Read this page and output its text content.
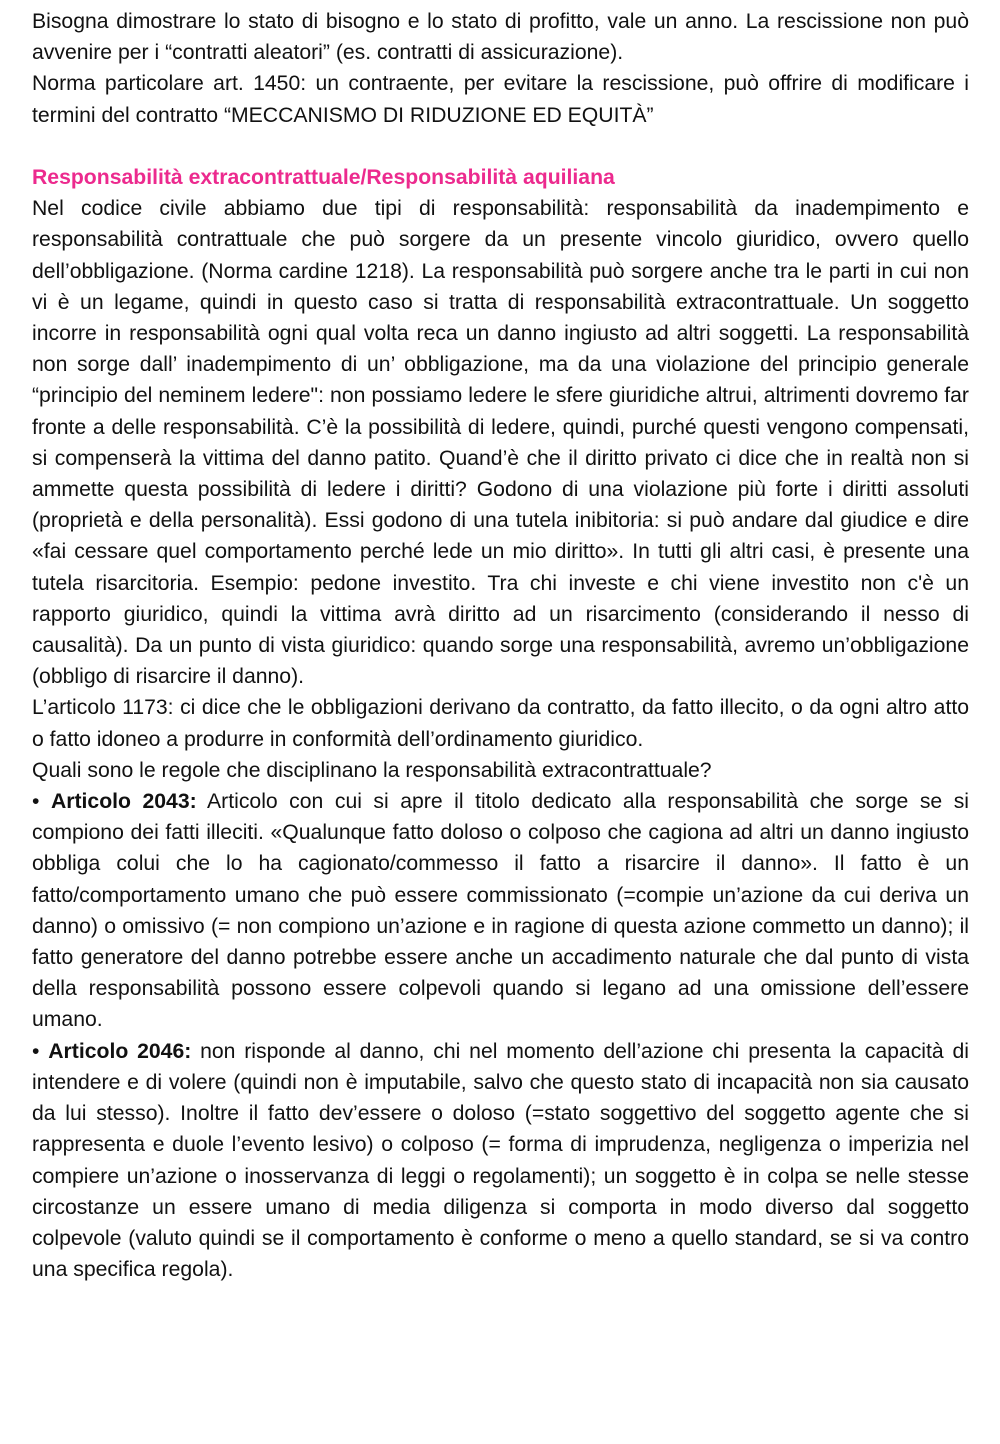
Bisogna dimostrare lo stato di bisogno e lo stato di profitto, vale un anno. La rescissione non può avvenire per i “contratti aleatori” (es. contratti di assicurazione).

Norma particolare art. 1450: un contraente, per evitare la rescissione, può offrire di modificare i termini del contratto “MECCANISMO DI RIDUZIONE ED EQUITÀ”

Responsabilità extracontrattuale/Responsabilità aquiliana

Nel codice civile abbiamo due tipi di responsabilità: responsabilità da inadempimento e responsabilità contrattuale che può sorgere da un presente vincolo giuridico, ovvero quello dell’obbligazione. (Norma cardine 1218). La responsabilità può sorgere anche tra le parti in cui non vi è un legame, quindi in questo caso si tratta di responsabilità extracontrattuale. Un soggetto incorre in responsabilità ogni qual volta reca un danno ingiusto ad altri soggetti. La responsabilità non sorge dall’ inadempimento di un’ obbligazione, ma da una violazione del principio generale “principio del neminem ledere": non possiamo ledere le sfere giuridiche altrui, altrimenti dovremo far fronte a delle responsabilità. C’è la possibilità di ledere, quindi, purché questi vengono compensati, si compenserà la vittima del danno patito. Quand’è che il diritto privato ci dice che in realtà non si ammette questa possibilità di ledere i diritti? Godono di una violazione più forte i diritti assoluti (proprietà e della personalità). Essi godono di una tutela inibitoria: si può andare dal giudice e dire «fai cessare quel comportamento perché lede un mio diritto». In tutti gli altri casi, è presente una tutela risarcitoria. Esempio: pedone investito. Tra chi investe e chi viene investito non c'è un rapporto giuridico, quindi la vittima avrà diritto ad un risarcimento (considerando il nesso di causalità). Da un punto di vista giuridico: quando sorge una responsabilità, avremo un’obbligazione (obbligo di risarcire il danno).

L’articolo 1173: ci dice che le obbligazioni derivano da contratto, da fatto illecito, o da ogni altro atto o fatto idoneo a produrre in conformità dell’ordinamento giuridico.

Quali sono le regole che disciplinano la responsabilità extracontrattuale?

• Articolo 2043: Articolo con cui si apre il titolo dedicato alla responsabilità che sorge se si compiono dei fatti illeciti. «Qualunque fatto doloso o colposo che cagiona ad altri un danno ingiusto obbliga colui che lo ha cagionato/commesso il fatto a risarcire il danno». Il fatto è un fatto/comportamento umano che può essere commissionato (=compie un’azione da cui deriva un danno) o omissivo (= non compiono un’azione e in ragione di questa azione commetto un danno); il fatto generatore del danno potrebbe essere anche un accadimento naturale che dal punto di vista della responsabilità possono essere colpevoli quando si legano ad una omissione dell’essere umano.

• Articolo 2046: non risponde al danno, chi nel momento dell’azione chi presenta la capacità di intendere e di volere (quindi non è imputabile, salvo che questo stato di incapacità non sia causato da lui stesso). Inoltre il fatto dev’essere o doloso (=stato soggettivo del soggetto agente che si rappresenta e duole l’evento lesivo) o colposo (= forma di imprudenza, negligenza o imperizia nel compiere un’azione o inosservanza di leggi o regolamenti); un soggetto è in colpa se nelle stesse circostanze un essere umano di media diligenza si comporta in modo diverso dal soggetto colpevole (valuto quindi se il comportamento è conforme o meno a quello standard, se si va contro una specifica regola).
